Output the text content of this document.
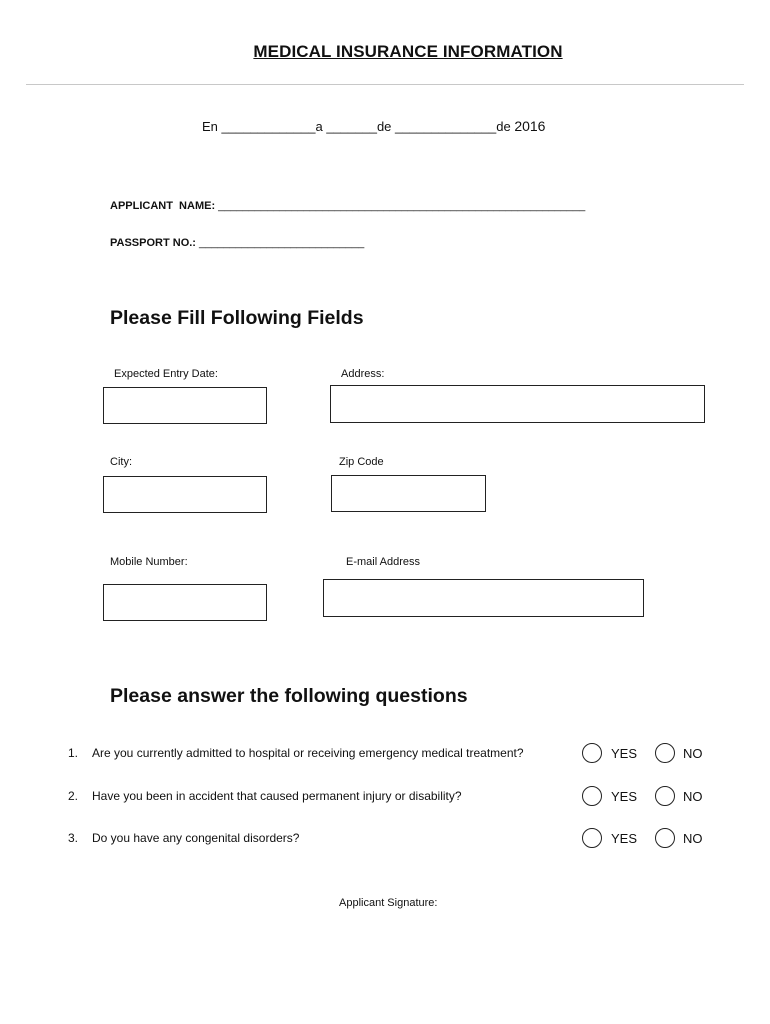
MEDICAL INSURANCE INFORMATION
En _____________a _______de ______________de 2016
APPLICANT  NAME: ____________________________________________________________
PASSPORT NO.: ___________________________
Please Fill Following Fields
Expected Entry Date:	Address:
City:	Zip Code
Mobile Number:	E-mail Address
Please answer the following questions
1. Are you currently admitted to hospital or receiving emergency medical treatment?	YES	NO
2. Have you been in accident that caused permanent injury or disability?	YES	NO
3. Do you have any congenital disorders?	YES	NO
Applicant Signature:
